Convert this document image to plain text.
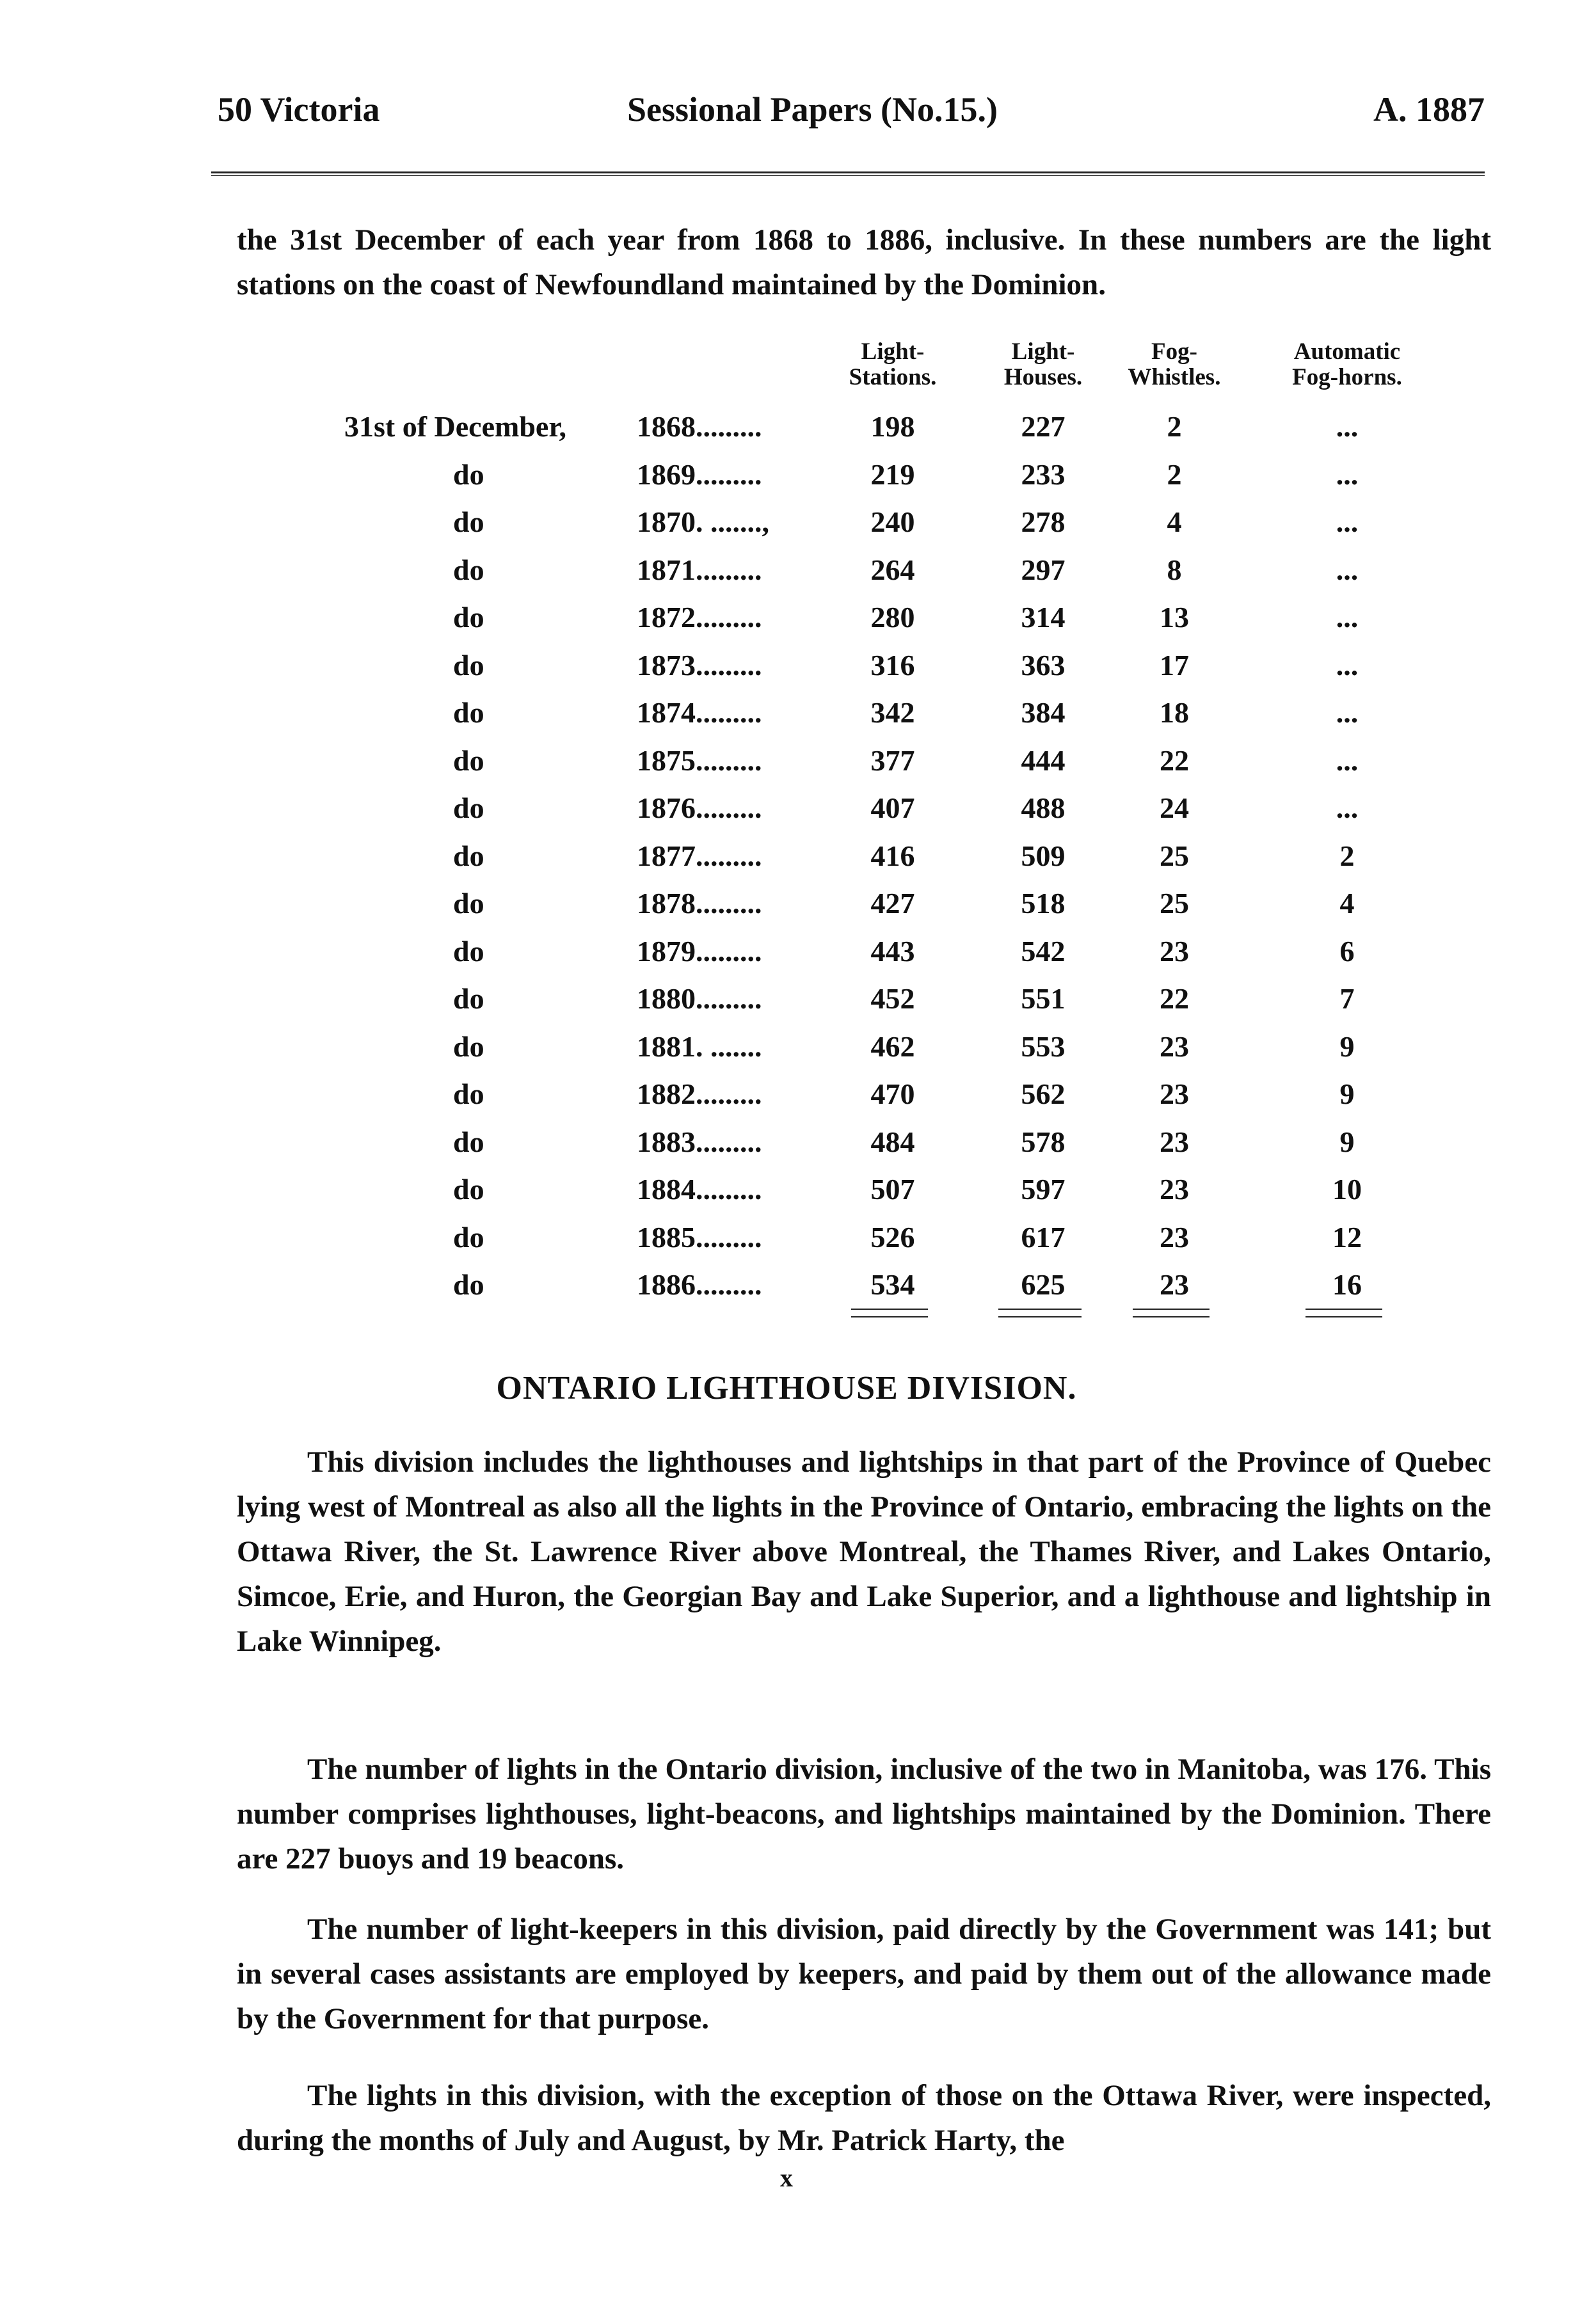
50 Victoria	Sessional Papers (No.15.)	A. 1887
the 31st December of each year from 1868 to 1886, inclusive. In these numbers are the light stations on the coast of Newfoundland maintained by the Dominion.
Light-
Stations.
Light-
Houses.
Fog-
Whistles.
Automatic
Fog-horns.
31st of December, 1868.........	198	227	2	...
do	1869.........	219	233	2	...
do	1870. .......,	240	278	4	...
do	1871.........	264	297	8	...
do	1872.........	280	314	13	...
do	1873.........	316	363	17	...
do	1874.........	342	384	18	...
do	1875.........	377	444	22	...
do	1876.........	407	488	24	...
do	1877.........	416	509	25	2
do	1878.........	427	518	25	4
do	1879.........	443	542	23	6
do	1880.........	452	551	22	7
do	1881. .......	462	553	23	9
do	1882.........	470	562	23	9
do	1883.........	484	578	23	9
do	1884.........	507	597	23	10
do	1885.........	526	617	23	12
do	1886.........	534	625	23	16
ONTARIO LIGHTHOUSE DIVISION.
This division includes the lighthouses and lightships in that part of the Province of Quebec lying west of Montreal as also all the lights in the Province of Ontario, embracing the lights on the Ottawa River, the St. Lawrence River above Montreal, the Thames River, and Lakes Ontario, Simcoe, Erie, and Huron, the Georgian Bay and Lake Superior, and a lighthouse and lightship in Lake Winnipeg.
The number of lights in the Ontario division, inclusive of the two in Manitoba, was 176. This number comprises lighthouses, light-beacons, and lightships maintained by the Dominion. There are 227 buoys and 19 beacons.
The number of light-keepers in this division, paid directly by the Government was 141; but in several cases assistants are employed by keepers, and paid by them out of the allowance made by the Government for that purpose.
The lights in this division, with the exception of those on the Ottawa River, were inspected, during the months of July and August, by Mr. Patrick Harty, the
x
